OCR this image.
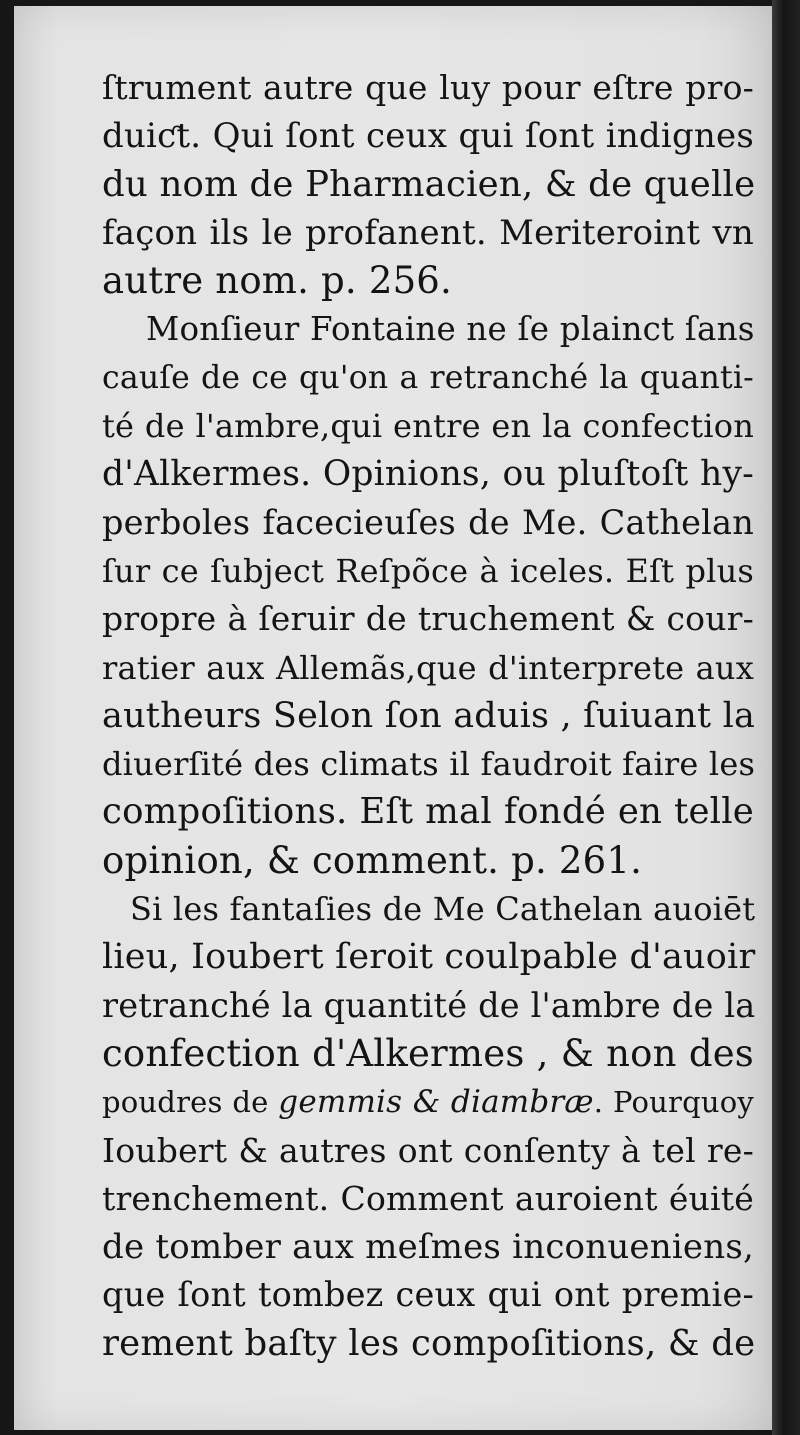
ſtrument autre que luy pour eſtre pro-
duiƈt. Qui ſont ceux qui ſont indignes
du nom de Pharmacien, & de quelle
façon ils le profanent. Meriteroint vn
autre nom. p. 256.
Monſieur Fontaine ne ſe plainct ſans
cauſe de ce qu'on a retranché la quanti-
té de l'ambre,qui entre en la confection
d'Alkermes. Opinions, ou pluſtoſt hy-
perboles facecieuſes de Me. Cathelan
ſur ce ſubject Reſpõce à iceles. Eſt plus
propre à ſeruir de truchement & cour-
ratier aux Allemãs,que d'interprete aux
autheurs Selon ſon aduis , ſuiuant la
diuerſité des climats il faudroit faire les
compoſitions. Eſt mal fondé en telle
opinion, & comment. p. 261.
Si les fantaſies de Me Cathelan auoiēt
lieu, Ioubert ſeroit coulpable d'auoir
retranché la quantité de l'ambre de la
confection d'Alkermes , & non des
poudres de gemmis & diambræ. Pourquoy
Ioubert & autres ont conſenty à tel re-
trenchement. Comment auroient éuité
de tomber aux meſmes inconueniens,
que ſont tombez ceux qui ont premie-
rement baſty les compoſitions, & de
